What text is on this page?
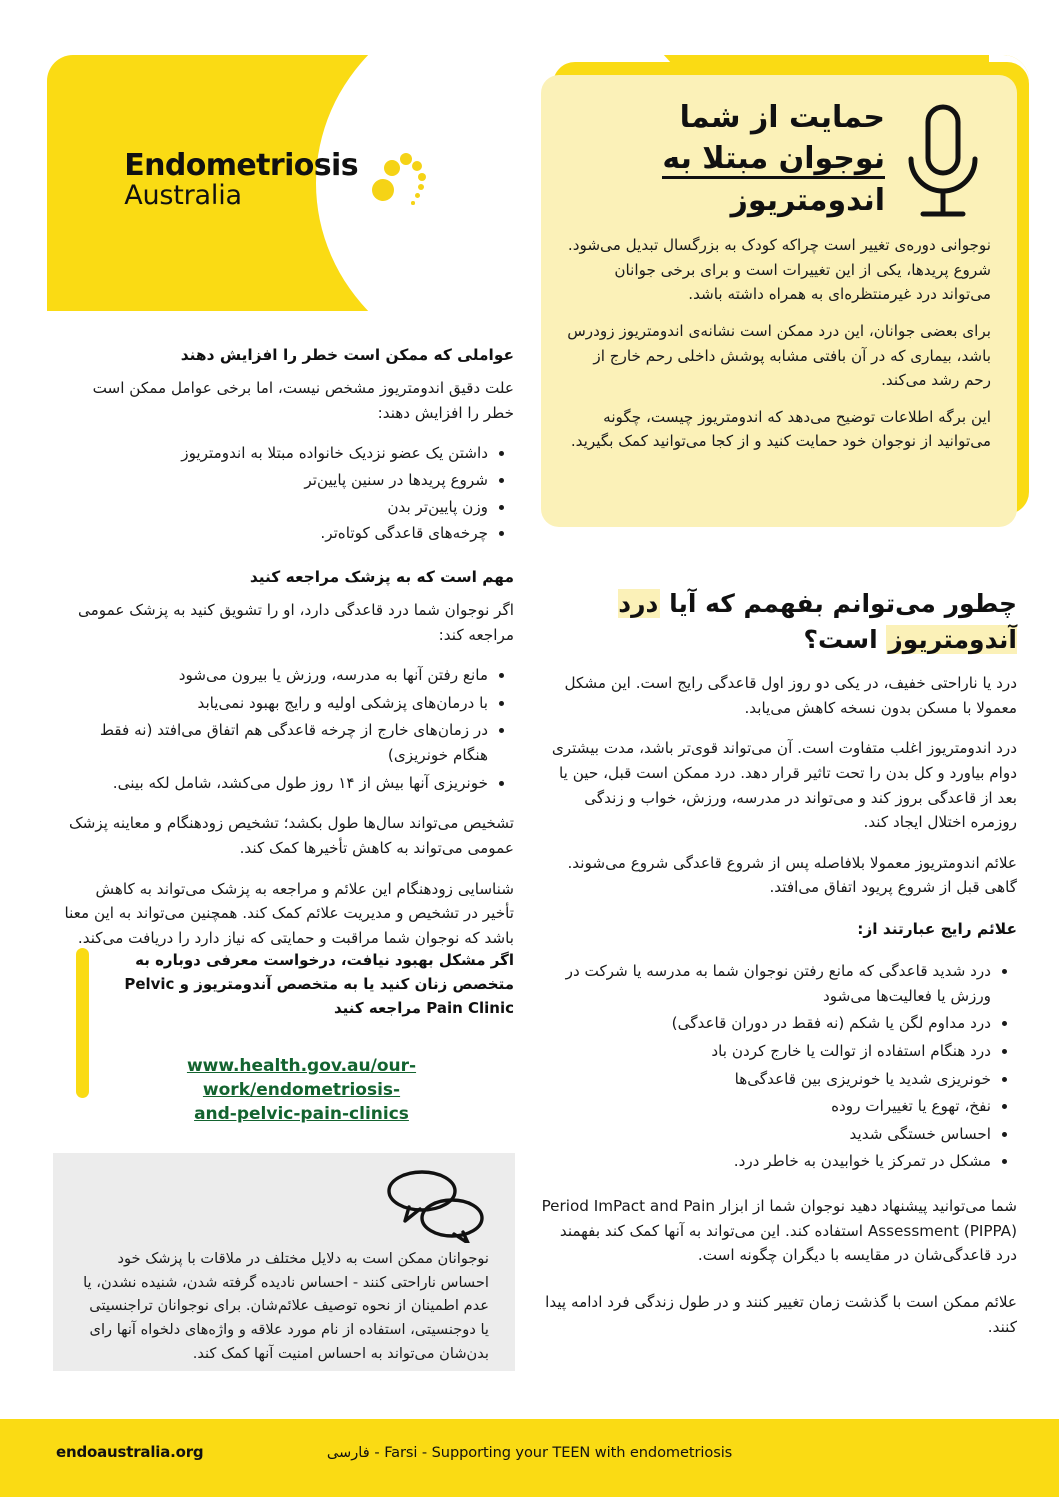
Endometriosis
Australia
حمایت از شما
نوجوان مبتلا به
اندومتریوز

نوجوانی دوره‌ی تغییر است چراکه کودک به بزرگسال تبدیل می‌شود. شروع پریدها، یکی از این تغییرات است و برای برخی جوانان می‌تواند درد غیرمنتظره‌ای به همراه داشته باشد.

برای بعضی جوانان، این درد ممکن است نشانه‌ی اندومتریوز زودرس باشد، بیماری که در آن بافتی مشابه پوشش داخلی رحم خارج از رحم رشد می‌کند.

این برگه اطلاعات توضیح می‌دهد که اندومتریوز چیست، چگونه می‌توانید از نوجوان خود حمایت کنید و از کجا می‌توانید کمک بگیرید.

عواملی که ممکن است خطر را افزایش دهند

علت دقیق اندومتریوز مشخص نیست، اما برخی عوامل ممکن است خطر را افزایش دهند:

• داشتن یک عضو نزدیک خانواده مبتلا به اندومتریوز
• شروع پریدها در سنین پایین‌تر
• وزن پایین‌تر بدن
• چرخه‌های قاعدگی کوتاه‌تر.
مهم است که به پزشک مراجعه کنید

اگر نوجوان شما درد قاعدگی دارد، او را تشویق کنید به پزشک عمومی مراجعه کند:

• مانع رفتن آنها به مدرسه، ورزش یا بیرون می‌شود
• با درمان‌های پزشکی اولیه و رایج بهبود نمی‌یابد
• در زمان‌های خارج از چرخه قاعدگی هم اتفاق می‌افتد (نه فقط هنگام خونریزی)
• خونریزی آنها بیش از ۱۴ روز طول می‌کشد، شامل لکه بینی.

تشخیص می‌تواند سال‌ها طول بکشد؛ تشخیص زودهنگام و معاینه پزشک عمومی می‌تواند به کاهش تأخیرها کمک کند.

شناسایی زودهنگام این علائم و مراجعه به پزشک می‌تواند به کاهش تأخیر در تشخیص و مدیریت علائم کمک کند. همچنین می‌تواند به این معنا باشد که نوجوان شما مراقبت و حمایتی که نیاز دارد را دریافت می‌کند.

اگر مشکل بهبود نیافت، درخواست معرفی دوباره به متخصص زنان کنید یا به متخصص آندومتریوز و Pelvic Pain Clinic مراجعه کنید

www.health.gov.au/our-work/endometriosis-
and-pelvic-pain-clinics

نوجوانان ممکن است به دلایل مختلف در ملاقات با پزشک خود احساس ناراحتی کنند - احساس نادیده گرفته شدن، شنیده نشدن، یا عدم اطمینان از نحوه توصیف علائم‌شان. برای نوجوانان تراجنسیتی یا دوجنسیتی، استفاده از نام مورد علاقه و واژه‌های دلخواه آنها رای بدن‌شان می‌تواند به احساس امنیت آنها کمک کند.

چطور می‌توانم بفهمم که آیا درد آندومتریوز است؟

درد یا ناراحتی خفیف، در یکی دو روز اول قاعدگی رایج است. این مشکل معمولا با مسکن بدون نسخه کاهش می‌یابد.

درد اندومتریوز اغلب متفاوت است. آن می‌تواند قوی‌تر باشد، مدت بیشتری دوام بیاورد و کل بدن را تحت تاثیر قرار دهد. درد ممکن است قبل، حین یا بعد از قاعدگی بروز کند و می‌تواند در مدرسه، ورزش، خواب و زندگی روزمره اختلال ایجاد کند.

علائم اندومتریوز معمولا بلافاصله پس از شروع قاعدگی شروع می‌شوند. گاهی قبل از شروع پریود اتفاق می‌افتد.

علائم رایج عبارتند از:
• درد شدید قاعدگی که مانع رفتن نوجوان شما به مدرسه یا شرکت در ورزش یا فعالیت‌ها می‌شود
• درد مداوم لگن یا شکم (نه فقط در دوران قاعدگی)
• درد هنگام استفاده از توالت یا خارج کردن باد
• خونریزی شدید یا خونریزی بین قاعدگی‌ها
• نفخ، تهوع یا تغییرات روده
• احساس خستگی شدید
• مشکل در تمرکز یا خوابیدن به خاطر درد.

شما می‌توانید پیشنهاد دهید نوجوان شما از ابزار Period ImPact and Pain Assessment (PIPPA) استفاده کند. این می‌تواند به آنها کمک کند بفهمند درد قاعدگی‌شان در مقایسه با دیگران چگونه است.

علائم ممکن است با گذشت زمان تغییر کنند و در طول زندگی فرد ادامه پیدا کنند.

endoaustralia.org	فارسی - Farsi - Supporting your TEEN with endometriosis
